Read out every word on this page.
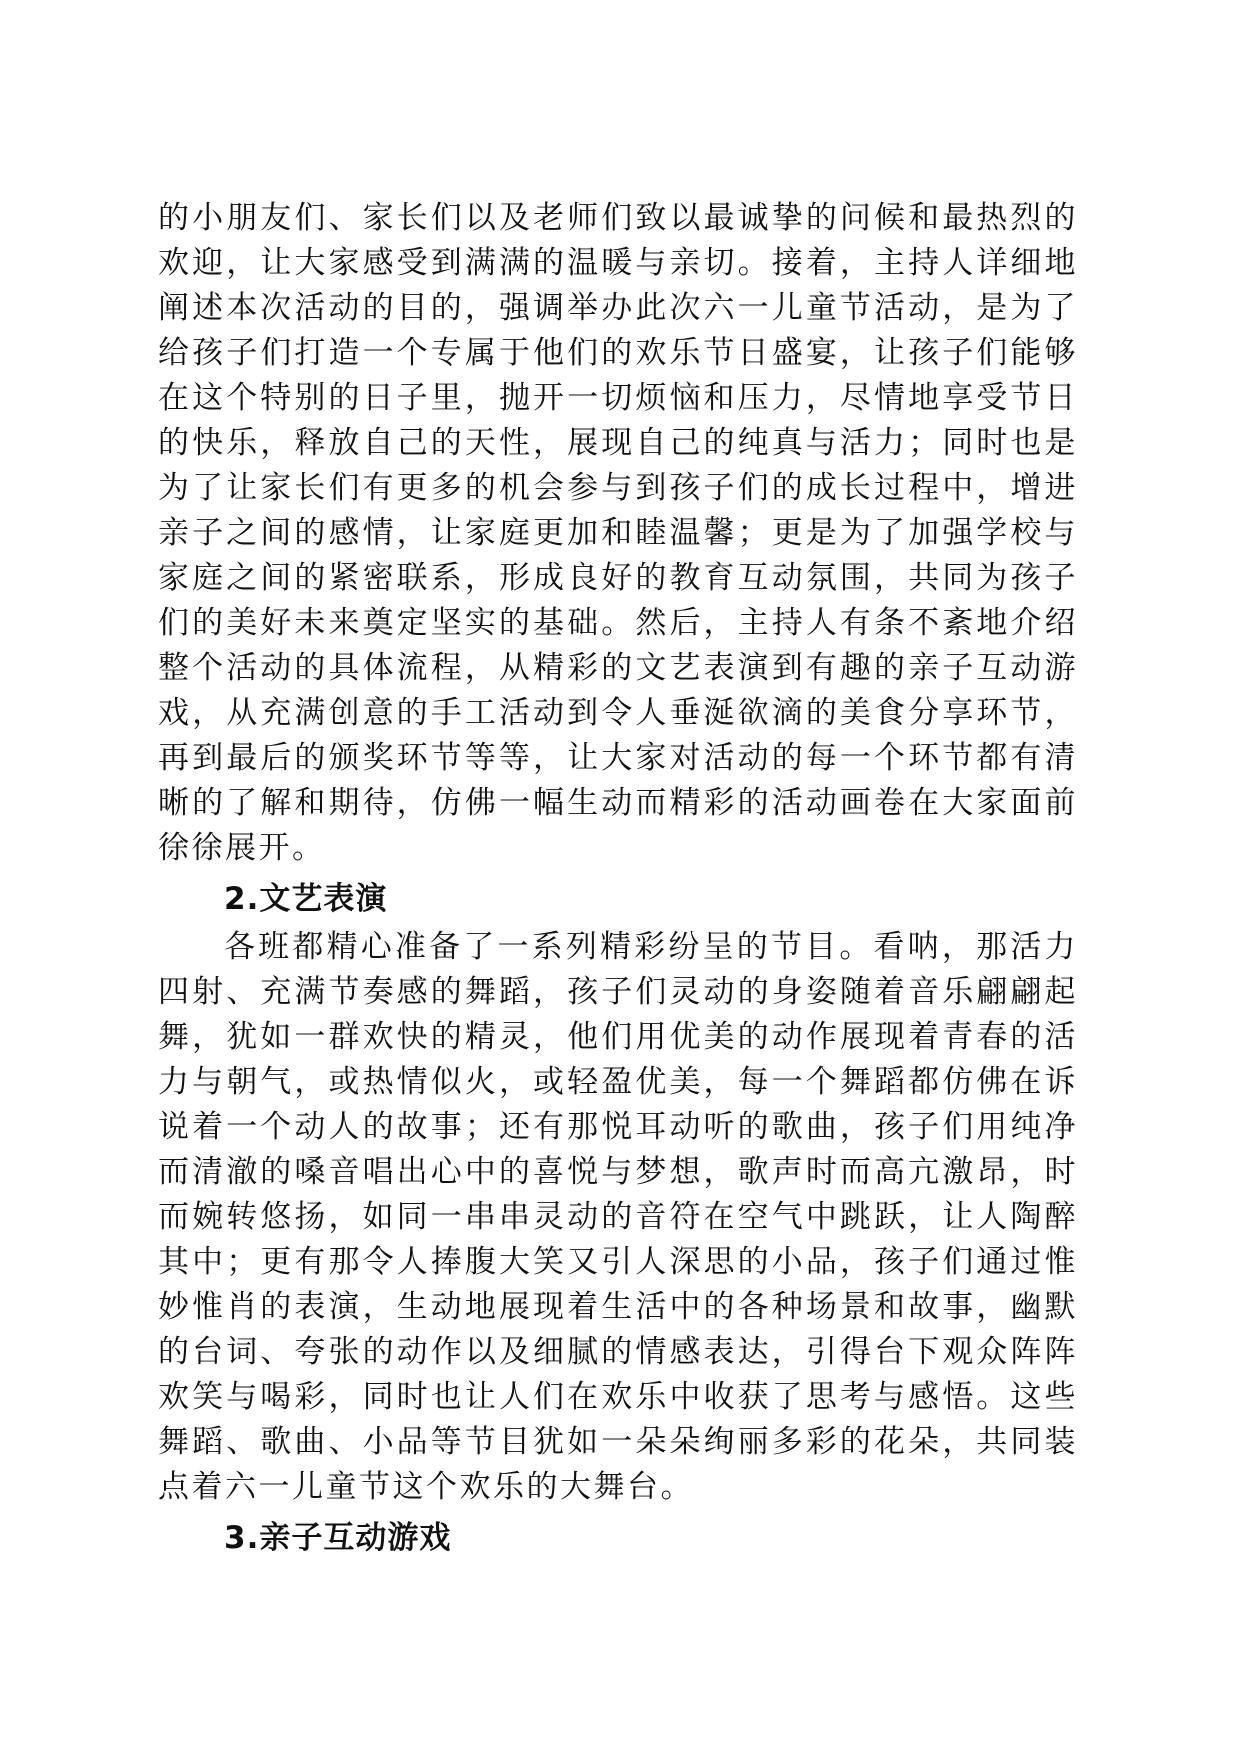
的小朋友们、家长们以及老师们致以最诚挚的问候和最热烈的欢迎，让大家感受到满满的温暖与亲切。接着，主持人详细地阐述本次活动的目的，强调举办此次六一儿童节活动，是为了给孩子们打造一个专属于他们的欢乐节日盛宴，让孩子们能够在这个特别的日子里，抛开一切烦恼和压力，尽情地享受节日的快乐，释放自己的天性，展现自己的纯真与活力；同时也是为了让家长们有更多的机会参与到孩子们的成长过程中，增进亲子之间的感情，让家庭更加和睦温馨；更是为了加强学校与家庭之间的紧密联系，形成良好的教育互动氛围，共同为孩子们的美好未来奠定坚实的基础。然后，主持人有条不紊地介绍整个活动的具体流程，从精彩的文艺表演到有趣的亲子互动游戏，从充满创意的手工活动到令人垂涎欲滴的美食分享环节，再到最后的颁奖环节等等，让大家对活动的每一个环节都有清晰的了解和期待，仿佛一幅生动而精彩的活动画卷在大家面前徐徐展开。

2.文艺表演

各班都精心准备了一系列精彩纷呈的节目。看呐，那活力四射、充满节奏感的舞蹈，孩子们灵动的身姿随着音乐翩翩起舞，犹如一群欢快的精灵，他们用优美的动作展现着青春的活力与朝气，或热情似火，或轻盈优美，每一个舞蹈都仿佛在诉说着一个动人的故事；还有那悦耳动听的歌曲，孩子们用纯净而清澈的嗓音唱出心中的喜悦与梦想，歌声时而高亢激昂，时而婉转悠扬，如同一串串灵动的音符在空气中跳跃，让人陶醉其中；更有那令人捧腹大笑又引人深思的小品，孩子们通过惟妙惟肖的表演，生动地展现着生活中的各种场景和故事，幽默的台词、夸张的动作以及细腻的情感表达，引得台下观众阵阵欢笑与喝彩，同时也让人们在欢乐中收获了思考与感悟。这些舞蹈、歌曲、小品等节目犹如一朵朵绚丽多彩的花朵，共同装点着六一儿童节这个欢乐的大舞台。

3.亲子互动游戏
